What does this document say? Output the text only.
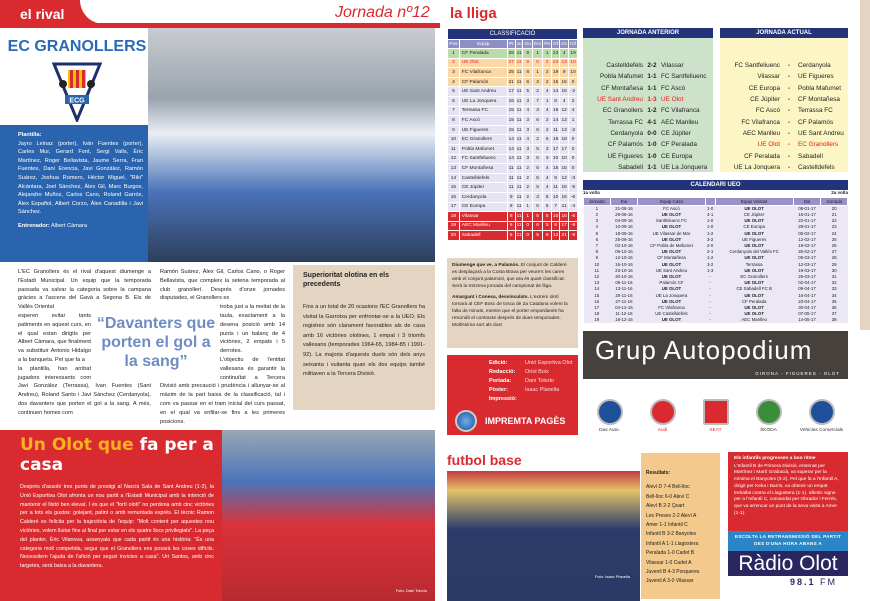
el rival	Jornada nº12 la lliga
EC GRANOLLERS
ECG
Plantilla:
Jayro Leinaz (porter), Iván Fuentes (porter), Carles Mur, Gerard Font, Sergi Valls, Èric Martínez, Roger Bellavista, Jaume Serra, Fran Fuentes, Dani Erencia, Javi González, Ramón Suárez, Joshua Romero, Héctor Miguel, "Riki" Alcántara, Joel Sánchez, Àlex Gil, Marc Burgos, Alejandro Muñoz, Carlos Cano, Roland Garrós, Àlex Español, Albert Corzo, Àlex Canadilla i Javi Sánchez.
Entrenador: Albert Càmara
L'EC Granollers és el rival d'aquest diumenge a l'Estadi Municipal. Un equip que la temporada passada va salvar la categoria sobre la campana gràcies a l'ascens del Gavà a Segona B. Els de Vallès Oriental
esperen evitar tants patiments en aquest curs, en el qual estan dirigits per Albert Càmara, que finalment va substituir Antonio Hidalgo a la banqueta. Pel que fa a
la plantilla, han arribat jugadors interessants com Javi González (Terrassa), Ivan Fuentes (Sant Andreu), Roland Santo i Javi Sánchez (Cerdanyola), dos davanters que porten el gol a la sang. A més, continuen homes com
Ramón Suárez, Àlex Gil, Carlos Cano, o Roger Bellavista, que compleix la setena temporada al club granollerí. Després d'onze jornades disputades, el Granollers es
troba just a la meitat de la taula, exactament a la desena posició amb 14 punts i un balanç de 4 victòries, 2 empats i 5 derrotes.
L'objectiu de l'entitat vallesana és garantir la continuïtat a Tercera Divisió amb precaució i prudència i allunyar-se al màxim de la part baixa de la classificació, tal i com va passar en el tram inicial del curs passat, en el qual va enfilar-se fins a les primeres posicions.
“Davanters que porten el gol a la sang”
Superioritat olotina en els precedents
Fins a un total de 20 ocasions l'EC Granollers ha visitat la Garrotxa per enfrontar-se a la UEO. Els registres són clarament favorables als de casa amb 16 victòries olotines, 1 empat i 3 triomfs vallesans (temporades 1964-65, 1984-85 i 1991-92). La majoria d'aquests duels són dels anys seixanta i vuitanta quan els dos equips també militaven a la Tercera Divisió.
CLASSIFICACIÓ									
Pos	Equip	Pt	Ju	Gu	Em	Pe	Gf	Gc	Dif
1	CF Peralada	28	11	9	1	1	23	4	19
2	UE Olot	27	11	9	0	2	23	13	10
3	FC Vilafranca	25	11	8	1	2	19	9	10
4	CF Palamós	21	11	6	3	2	15	15	0
5	UE Sant Andreu	17	11	5	2	4	14	16	-2
6	UE La Jonquera	16	11	3	7	1	6	4	2
7	Terrassa FC	15	11	4	3	4	16	12	4
8	FC Ascó	15	11	3	6	2	14	13	1
9	UE Figueres	15	11	3	6	2	11	13	-2
10	EC Granollers	14	11	4	2	5	18	18	0
11	Pobla Mafumet	14	11	3	5	3	17	17	0
12	FC Santfeliuenc	14	11	3	5	3	10	10	0
13	CF Montañesa	11	11	2	5	4	15	15	0
14	Castelldefels	11	11	2	5	4	9	12	-3
15	CE Júpiter	11	11	2	5	4	11	16	-5
16	Cerdanyola	9	11	2	3	6	10	16	-6
17	CE Europa	8	11	1	5	5	7	11	-4
18	Vilassar	8	11	1	5	5	10	16	-6
19	AEC Manlleu	6	11	0	6	5	8	17	-9
20	Sabadell	5	11	0	5	6	12	21	-9
Diumenge que ve, a Palamós. El conjunt de Calderé es desplaçarà a la Costa Brava per veure's les cares amb el conjunt palamosí, que ara és quart classificat. Serà la tretzena jornada del campionat de lliga.
Amargant i Conesa, desvinculats. L'extrem olotí tornarà al CEF Bosc de tosca de 2a Catalana volent la falta de minuts, mentre que el porter empordanès ha rescindit el contracte després de dues temporades. Moltíssima sort als dos!
Edició:	Unió Esportiva Olot
Redacció:	Oriol Boix
Portada:	Dani Toledo
Pòster:	Isaac Planella
Impressió:
IMPREMTA PAGÈS
JORNADA ANTERIOR
Castelldefels 2-2 Vilassar
Pobla Mafumet 1-1 FC Santfeliuenc
CF Montañesa 1-1 FC Ascó
UE Sant Andreu 1-3 UE Olot
EC Granollers 1-2 FC Vilafranca
Terrassa FC 4-1 AEC Manlleu
Cerdanyola 0-0 CE Júpiter
CF Palamós 1-0 CF Peralada
UE Figueres 1-0 CE Europa
Sabadell 1-1 UE La Jonquera
JORNADA ACTUAL
FC Santfeliuenc	-	Cerdanyola
Vilassar	-	UE Figueres
CE Europa	-	Pobla Mafumet
CE Júpiter	-	CF Montañesa
FC Ascó	-	Terrassa FC
FC Vilafranca	-	CF Palamós
AEC Manlleu	-	UE Sant Andreu
UE Olot	-	EC Granollers
CF Peralada	-	Sabadell
UE La Jonquera	-	Castelldefels
CALENDARI UEO
1a volta	2a volta
Jornada	Dia	Equip Casa		Equip Visitant	Dia	Jornada
1	21-08-16	FC Ascó	1-0	UE OLOT	08-01-17	20
2	28-08-16	UE OLOT	4-1	CE Júpiter	15-01-17	21
3	04-09-16	Santfeliuenc FC	1-0	UE OLOT	22-01-17	22
4	10-09-16	UE OLOT	1-0	CE Europa	29-01-17	23
5	18-09-16	UE Vilassar de Mar	1-2	UE OLOT	05-02-17	24
6	25-09-16	UE OLOT	3-2	UE Figueres	12-02-17	25
7	02-10-16	CF Pobla de Mafumet	2-0	UE OLOT	19-02-17	26
8	09-10-16	UE OLOT	2-1	Cerdanyola del Vallès FC	26-02-17	27
9	12-10-16	CF Montañesa	1-2	UE OLOT	05-03-17	28
10	16-10-16	UE OLOT	3-2	Terrassa	12-03-17	29
11	23-10-16	UE Sant Andreu	1-3	UE OLOT	19-03-17	30
12	30-10-16	UE OLOT	-	EC Granollers	26-03-17	31
13	06-11-16	Palamós CF	-	UE OLOT	02-04-17	32
14	13-11-16	UE OLOT	-	CE Sabadell FC B	09-04-17	33
15	20-11-16	UE La Jonquera	-	UE OLOT	16-04-17	34
16	27-11-16	UE OLOT	-	CF Peralada	23-04-17	35
17	04-12-16	FC Vilafranca	-	UE OLOT	30-04-17	36
18	11-12-16	UE Castelldefels	-	UE OLOT	07-05-17	37
19	18-12-16	UE OLOT	-	AEC Manlleu	14-05-17	38
Grup Autopodium
GIRONA - FIGUERES - OLOT
Das Auto.	Audi	SEAT	ŠKODA	Vehicles Comercials
Un Olot que fa per a casa
Després d'assolir tres punts de prestigi al Narcís Sala de Sant Andreu (1-3), la Unió Esportiva Olot afronta un nou partit a l'Estadi Municipal amb la intenció de mantenir el llistó ben elevat. I és que el "fortí olotí" no perdona amb cinc victòries per a tots els gustos: golejant, patint o amb remuntada exprés. El tècnic Ramon Calderé es felicita per la trajectòria de l'equip: "Molt content per aquestes nou victòries, volem lluitar fins al final per estar en els quatre llocs privilegiats". La peça del planter, Èric Vilanova, assenyala que cada partit és una història: "És una categoria molt competida, segur que el Granollers ens posarà les coses difícils. Necessitem l'ajuda de l'afició per seguir invictes a casa". Uri Santos, amb cinc targetes, serà baixa a la davantera.
Foto: Dani Toledo
futbol base
Foto: Isaac Planella
Resultats:
Aleví D 7-4 Bell-lloc
Bell-lloc 6-0 Aleví C
Aleví B 2-2 Quart
Les Preses 2-2 Aleví A
Amer 1-1 Infantil C
Infantil B 3-2 Banyoles
Infantil A 1-1 Llagostera
Peralada 1-0 Cadet B
Vilassar 1-0 Cadet A
Juvenil B 4-3 Porqueres
Juvenil A 3-0 Vilassar
Els infantils progressen a bon ritme
L'Infantil B de Primera Divisió, entrenat per Martínez i Martí Grabacià, va superar per la mínima el Banyoles (3-2). Pel que fa a l'Infantil A, dirigit per Keka i Barris, va obtenir un empat treballat contra el Llagostera (1-1). Idèntic signe per a l'Infantil C, comandat per Obrador i Ferrés, que va arrencar un punt de la seva visita a Amer (1-1).
ESCOLTA LA RETRANSMISSIÓ DEL PARTIT DES D'UNA HORA ABANS A
Ràdio Olot
98.1 FM
